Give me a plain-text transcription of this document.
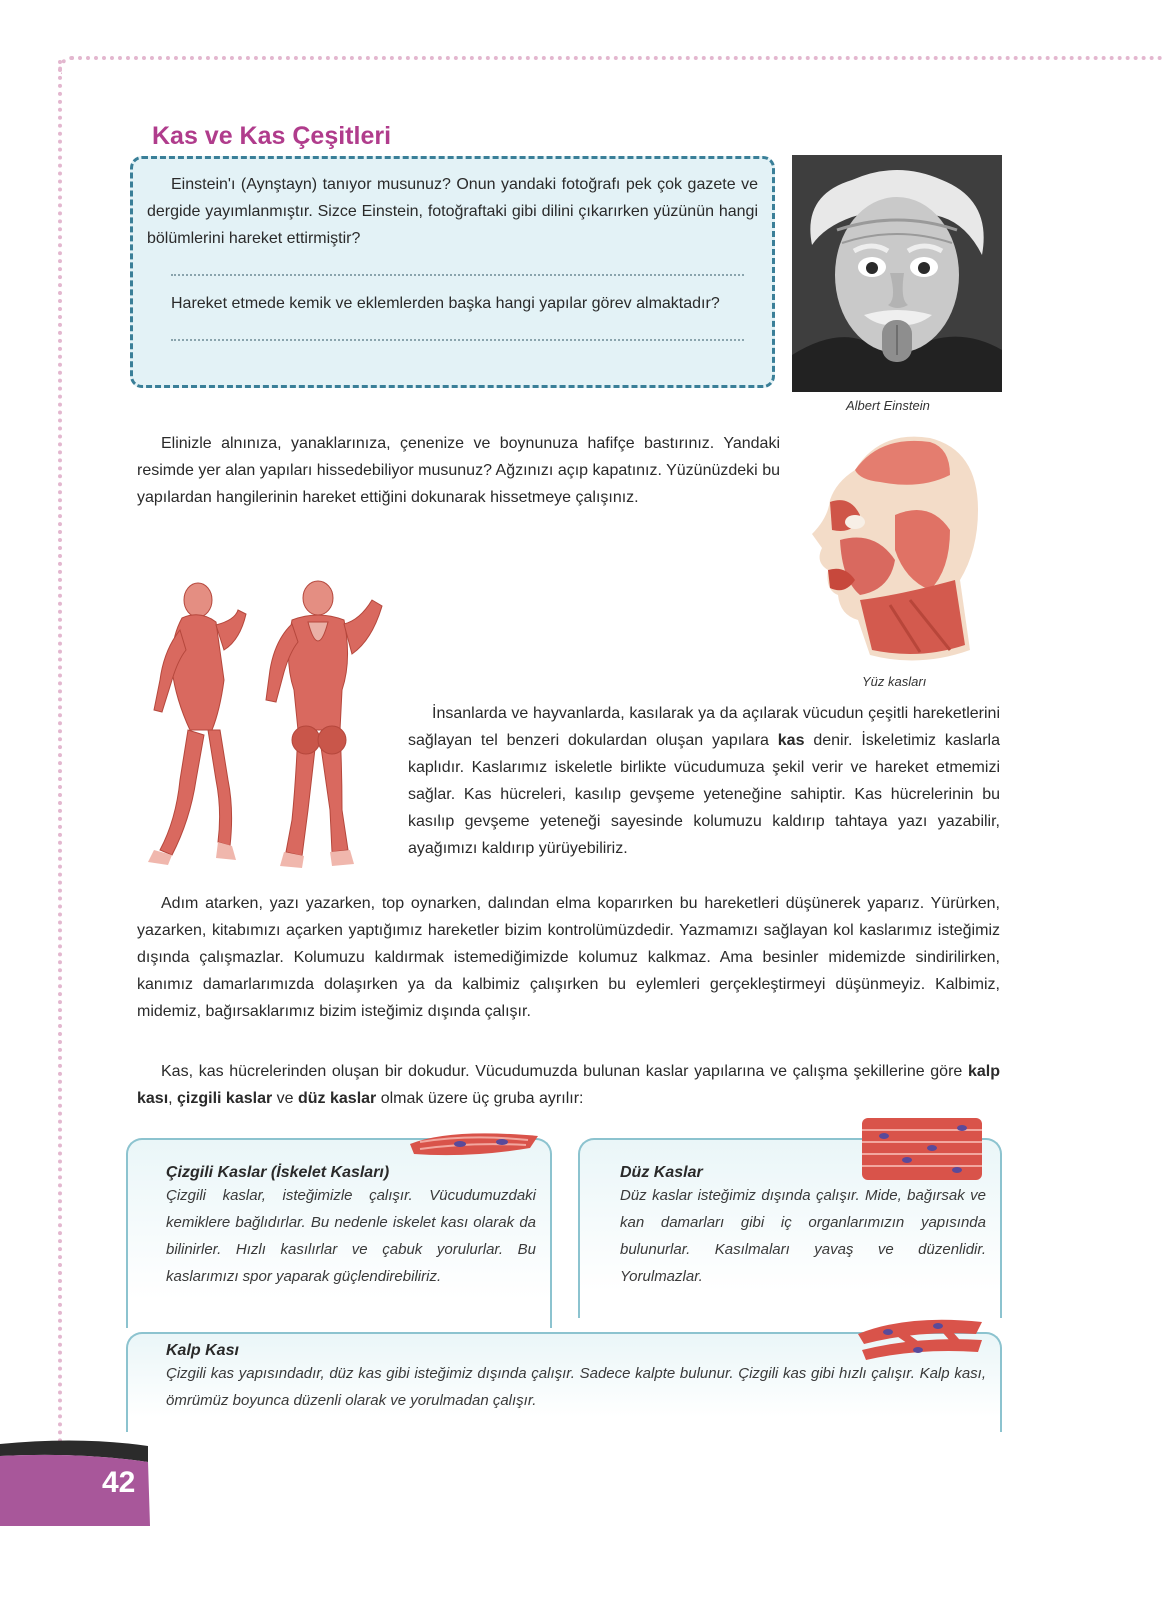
Kas ve Kas Çeşitleri

Einstein'ı (Aynştayn) tanıyor musunuz? Onun yandaki fotoğrafı pek çok gazete ve dergide yayımlanmıştır. Sizce Einstein, fotoğraftaki gibi dilini çıkarırken yüzünün hangi bölümlerini hareket ettirmiştir?

Hareket etmede kemik ve eklemlerden başka hangi yapılar görev almaktadır?

Albert Einstein

Elinizle alnınıza, yanaklarınıza, çenenize ve boynunuza hafifçe bastırınız. Yandaki resimde yer alan yapıları hissedebiliyor musunuz? Ağzınızı açıp kapatınız. Yüzünüzdeki bu yapılardan hangilerinin hareket ettiğini dokunarak hissetmeye çalışınız.

Yüz kasları

İnsanlarda ve hayvanlarda, kasılarak ya da açılarak vücudun çeşitli hareketlerini sağlayan tel benzeri dokulardan oluşan yapılara kas denir. İskeletimiz kaslarla kaplıdır. Kaslarımız iskeletle birlikte vücudumuza şekil verir ve hareket etmemizi sağlar. Kas hücreleri, kasılıp gevşeme yeteneğine sahiptir. Kas hücrelerinin bu kasılıp gevşeme yeteneği sayesinde kolumuzu kaldırıp tahtaya yazı yazabilir, ayağımızı kaldırıp yürüyebiliriz.

Adım atarken, yazı yazarken, top oynarken, dalından elma koparırken bu hareketleri düşünerek yaparız. Yürürken, yazarken, kitabımızı açarken yaptığımız hareketler bizim kontrolümüzdedir. Yazmamızı sağlayan kol kaslarımız isteğimiz dışında çalışmazlar. Kolumuzu kaldırmak istemediğimizde kolumuz kalkmaz. Ama besinler midemizde sindirilirken, kanımız damarlarımızda dolaşırken ya da kalbimiz çalışırken bu eylemleri gerçekleştirmeyi düşünmeyiz. Kalbimiz, midemiz, bağırsaklarımız bizim isteğimiz dışında çalışır.

Kas, kas hücrelerinden oluşan bir dokudur. Vücudumuzda bulunan kaslar yapılarına ve çalışma şekillerine göre kalp kası, çizgili kaslar ve düz kaslar olmak üzere üç gruba ayrılır:

Çizgili Kaslar (İskelet Kasları)

Çizgili kaslar, isteğimizle çalışır. Vücudumuzdaki kemiklere bağlıdırlar. Bu nedenle iskelet kası olarak da bilinirler. Hızlı kasılırlar ve çabuk yorulurlar. Bu kaslarımızı spor yaparak güçlendirebiliriz.

Düz Kaslar

Düz kaslar isteğimiz dışında çalışır. Mide, bağırsak ve kan damarları gibi iç organlarımızın yapısında bulunurlar. Kasılmaları yavaş ve düzenlidir. Yorulmazlar.

Kalp Kası

Çizgili kas yapısındadır, düz kas gibi isteğimiz dışında çalışır. Sadece kalpte bulunur. Çizgili kas gibi hızlı çalışır. Kalp kası, ömrümüz boyunca düzenli olarak ve yorulmadan çalışır.

42
